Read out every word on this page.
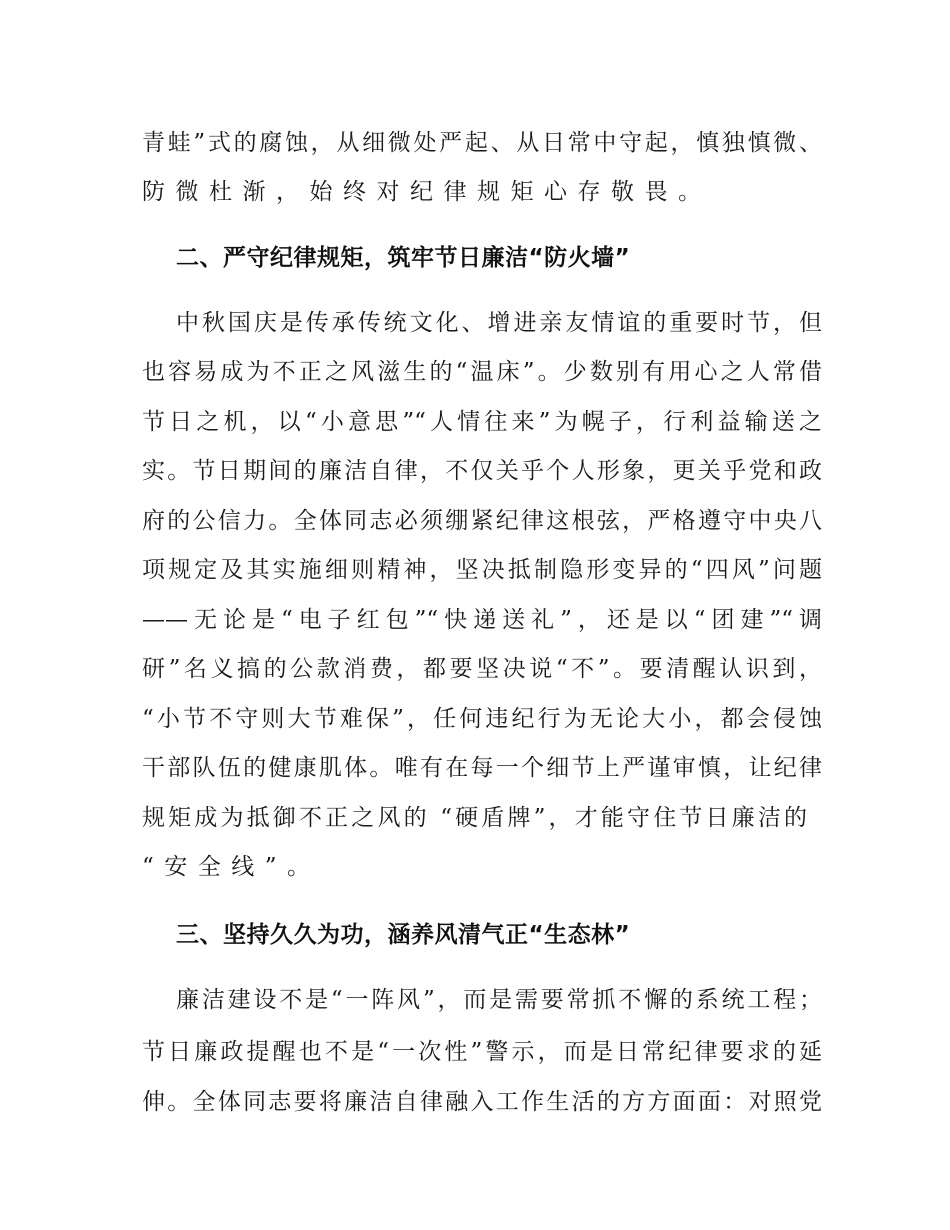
青蛙”式的腐蚀，从细微处严起、从日常中守起，慎独慎微、
防微杜渐，始终对纪律规矩心存敬畏。
二、严守纪律规矩，筑牢节日廉洁“防火墙”
中秋国庆是传承传统文化、增进亲友情谊的重要时节，但
也容易成为不正之风滋生的“温床”。少数别有用心之人常借
节日之机，以“小意思”“人情往来”为幌子，行利益输送之
实。节日期间的廉洁自律，不仅关乎个人形象，更关乎党和政
府的公信力。全体同志必须绷紧纪律这根弦，严格遵守中央八
项规定及其实施细则精神，坚决抵制隐形变异的“四风”问题
——无论是“电子红包”“快递送礼”，还是以“团建”“调
研”名义搞的公款消费，都要坚决说“不”。要清醒认识到，
“小节不守则大节难保”，任何违纪行为无论大小，都会侵蚀
干部队伍的健康肌体。唯有在每一个细节上严谨审慎，让纪律
规矩成为抵御不正之风的 “硬盾牌”，才能守住节日廉洁的
“安全线”。
三、坚持久久为功，涵养风清气正“生态林”
廉洁建设不是“一阵风”，而是需要常抓不懈的系统工程；
节日廉政提醒也不是“一次性”警示，而是日常纪律要求的延
伸。全体同志要将廉洁自律融入工作生活的方方面面：对照党
